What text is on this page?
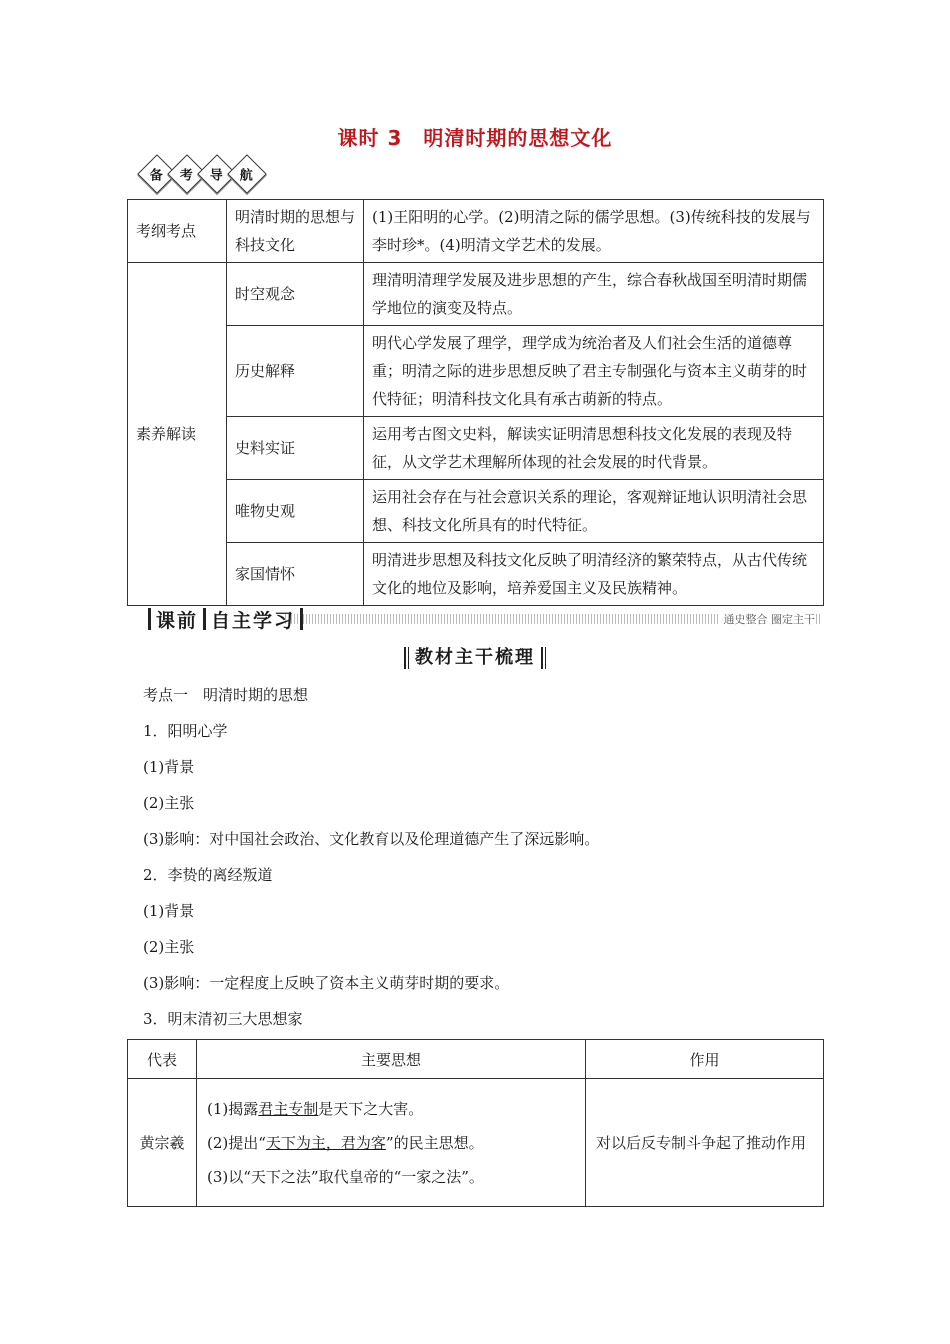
课时 3　明清时期的思想文化
备 考 导 航
考纲考点	明清时期的思想与科技文化	(1)王阳明的心学。(2)明清之际的儒学思想。(3)传统科技的发展与李时珍*。(4)明清文学艺术的发展。
素养解读	时空观念	理清明清理学发展及进步思想的产生，综合春秋战国至明清时期儒学地位的演变及特点。
	历史解释	明代心学发展了理学，理学成为统治者及人们社会生活的道德尊重；明清之际的进步思想反映了君主专制强化与资本主义萌芽的时代特征；明清科技文化具有承古萌新的特点。
	史料实证	运用考古图文史料，解读实证明清思想科技文化发展的表现及特征，从文学艺术理解所体现的社会发展的时代背景。
	唯物史观	运用社会存在与社会意识关系的理论，客观辩证地认识明清社会思想、科技文化所具有的时代特征。
	家国情怀	明清进步思想及科技文化反映了明清经济的繁荣特点，从古代传统文化的地位及影响，培养爱国主义及民族精神。
课前 自主学习	通史整合 圈定主干
教材主干梳理
考点一　明清时期的思想
1．阳明心学
(1)背景
(2)主张
(3)影响：对中国社会政治、文化教育以及伦理道德产生了深远影响。
2．李贽的离经叛道
(1)背景
(2)主张
(3)影响：一定程度上反映了资本主义萌芽时期的要求。
3．明末清初三大思想家
代表	主要思想	作用
黄宗羲	(1)揭露君主专制是天下之大害。
(2)提出“天下为主，君为客”的民主思想。
(3)以“天下之法”取代皇帝的“一家之法”。	对以后反专制斗争起了推动作用
